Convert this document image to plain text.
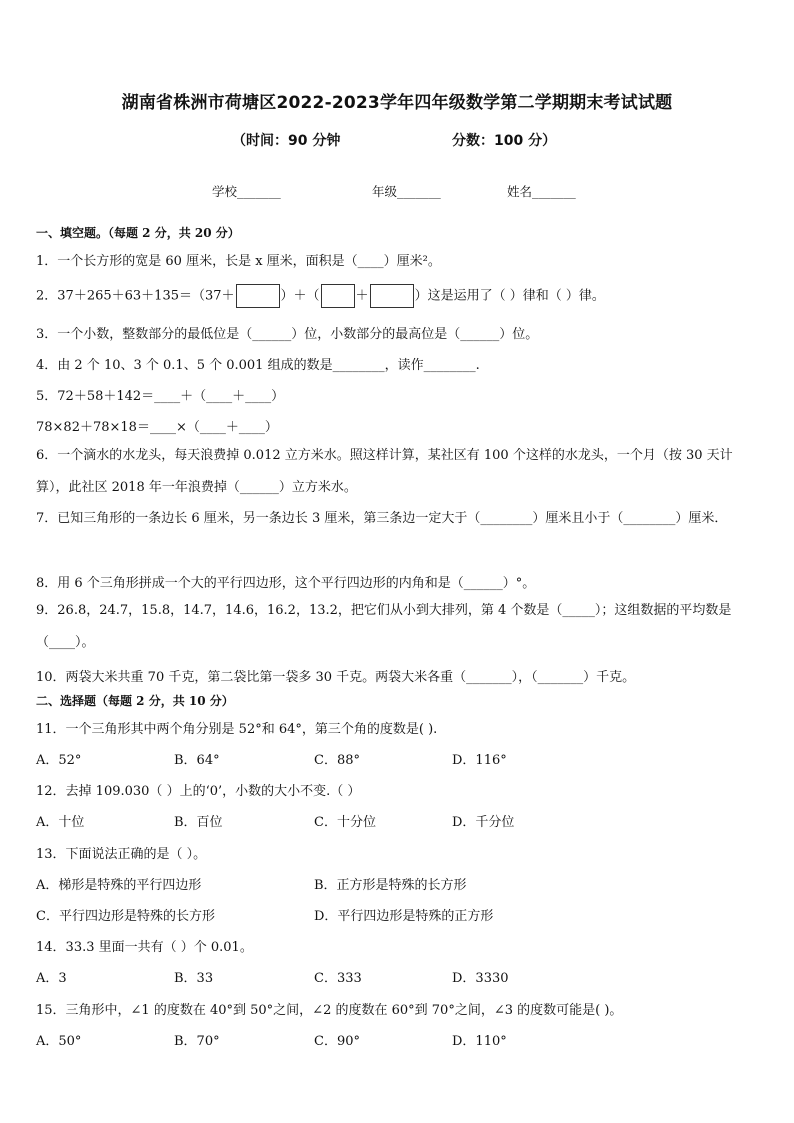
湖南省株洲市荷塘区2022-2023学年四年级数学第二学期期末考试试题
（时间：90 分钟	分数：100 分）
学校_______	年级_______	姓名_______
一、填空题。（每题 2 分，共 20 分）
1．一个长方形的宽是 60 厘米，长是 x 厘米，面积是（____）厘米²。
2．37＋265＋63＋135＝（37＋	）＋（	＋	）这是运用了（ ）律和（ ）律。
3．一个小数，整数部分的最低位是（______）位，小数部分的最高位是（______）位。
4．由 2 个 10、3 个 0.1、5 个 0.001 组成的数是________，读作________.
5．72＋58＋142＝____＋（____＋____）
78×82＋78×18＝____×（____＋____）
6．一个滴水的水龙头，每天浪费掉 0.012 立方米水。照这样计算，某社区有 100 个这样的水龙头，一个月（按 30 天计算），此社区 2018 年一年浪费掉（______）立方米水。
7．已知三角形的一条边长 6 厘米，另一条边长 3 厘米，第三条边一定大于（________）厘米且小于（________）厘米．
8．用 6 个三角形拼成一个大的平行四边形，这个平行四边形的内角和是（______）°。
9．26.8，24.7，15.8，14.7，14.6，16.2，13.2，把它们从小到大排列，第 4 个数是（_____）；这组数据的平均数是（____）。
10．两袋大米共重 70 千克，第二袋比第一袋多 30 千克。两袋大米各重（_______），（_______）千克。
二、选择题（每题 2 分，共 10 分）
11．一个三角形其中两个角分别是 52°和 64°，第三个角的度数是( ).
A．52°	B．64°	C．88°	D．116°
12．去掉 109.030（ ）上的‘0’，小数的大小不变.（ ）
A．十位	B．百位	C．十分位	D．千分位
13．下面说法正确的是（ ）。
A．梯形是特殊的平行四边形	B．正方形是特殊的长方形
C．平行四边形是特殊的长方形	D．平行四边形是特殊的正方形
14．33.3 里面一共有（ ）个 0.01。
A．3	B．33	C．333	D．3330
15．三角形中，∠1 的度数在 40°到 50°之间，∠2 的度数在 60°到 70°之间，∠3 的度数可能是( )。
A．50°	B．70°	C．90°	D．110°
